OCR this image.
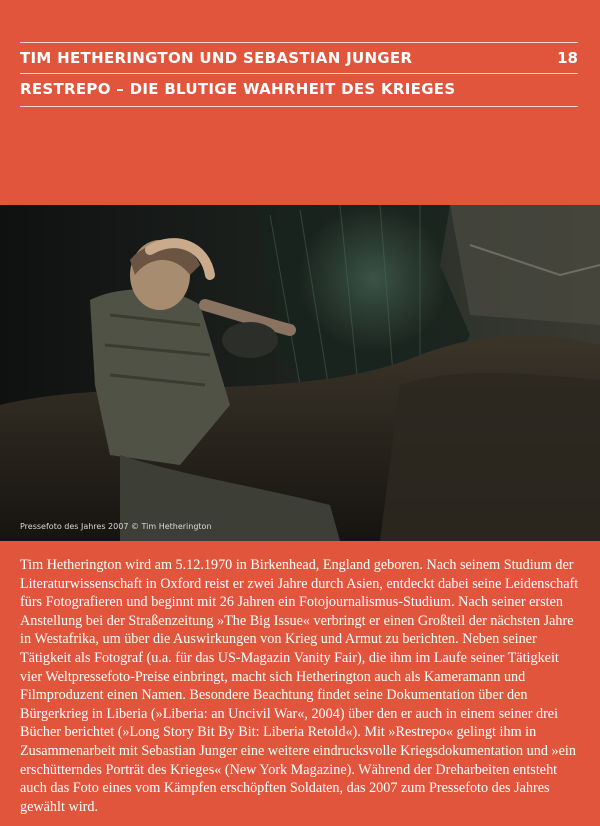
TIM HETHERINGTON UND SEBASTIAN JUNGER	18
RESTREPO – DIE BLUTIGE WAHRHEIT DES KRIEGES
Pressefoto des Jahres 2007 © Tim Hetherington
Tim Hetherington wird am 5.12.1970 in Birkenhead, England geboren. Nach seinem Studium der Literaturwissenschaft in Oxford reist er zwei Jahre durch Asien, entdeckt dabei seine Leidenschaft fürs Fotografieren und beginnt mit 26 Jahren ein Fotojournalismus-Studium. Nach seiner ersten Anstellung bei der Straßenzeitung »The Big Issue« verbringt er einen Großteil der nächsten Jahre in Westafrika, um über die Auswirkungen von Krieg und Armut zu berichten. Neben seiner Tätigkeit als Fotograf (u.a. für das US-Magazin Vanity Fair), die ihm im Laufe seiner Tätigkeit vier Weltpressefoto-Preise einbringt, macht sich Hetherington auch als Kameramann und Filmproduzent einen Namen. Besondere Beachtung findet seine Dokumentation über den Bürgerkrieg in Liberia (»Liberia: an Uncivil War«, 2004) über den er auch in einem seiner drei Bücher berichtet (»Long Story Bit By Bit: Liberia Retold«). Mit »Restrepo« gelingt ihm in Zusammenarbeit mit Sebastian Junger eine weitere eindrucksvolle Kriegsdokumentation und »ein erschütterndes Porträt des Krieges« (New York Magazine). Während der Dreharbeiten entsteht auch das Foto eines vom Kämpfen erschöpften Soldaten, das 2007 zum Pressefoto des Jahres gewählt wird.
